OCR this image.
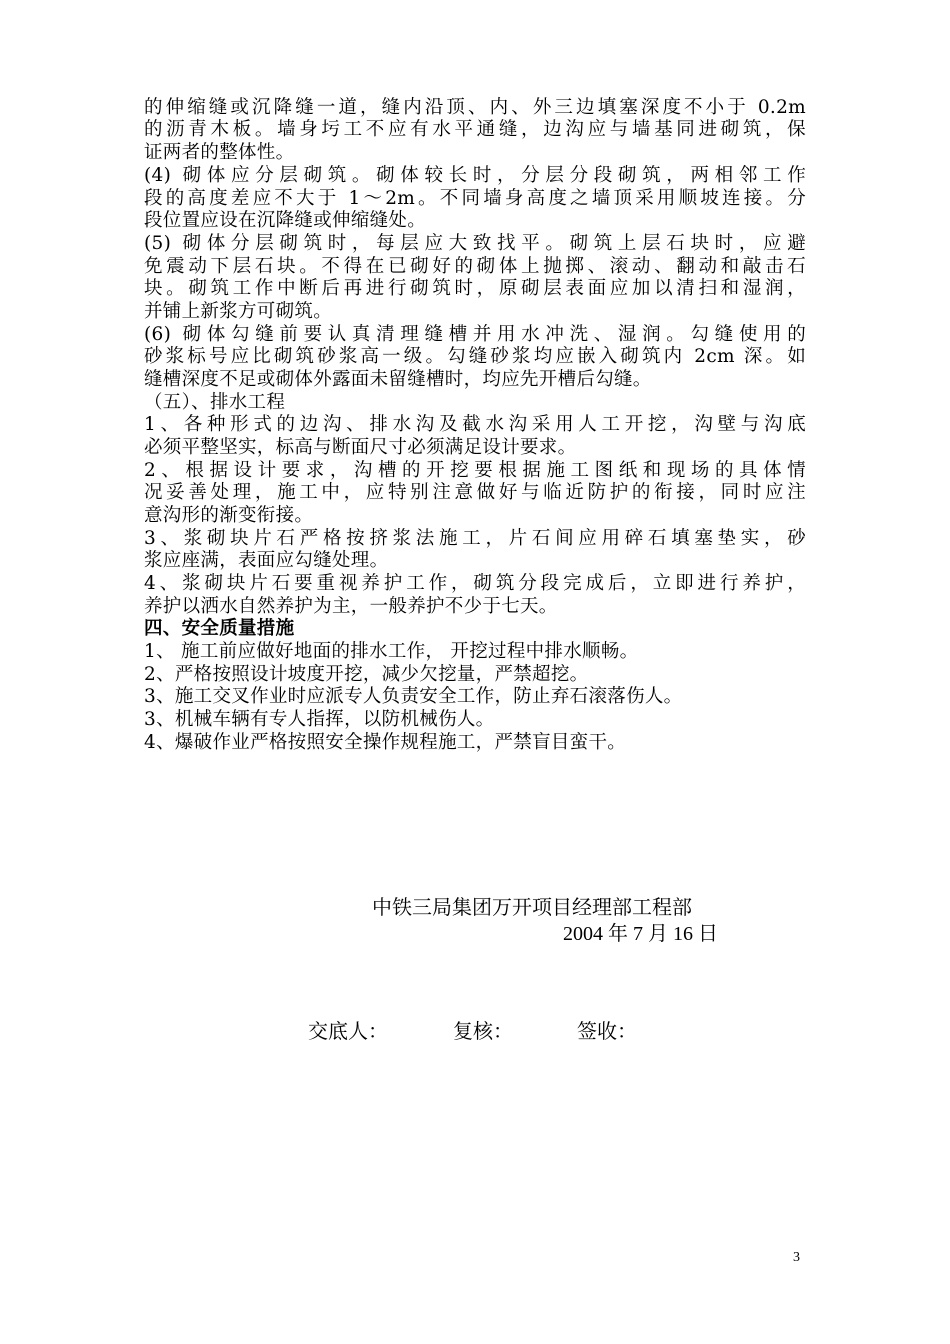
的伸缩缝或沉降缝一道，缝内沿顶、内、外三边填塞深度不小于 0.2m
的沥青木板。墙身圬工不应有水平通缝，边沟应与墙基同进砌筑，保
证两者的整体性。
(4) 砌体应分层砌筑。砌体较长时，分层分段砌筑，两相邻工作
段的高度差应不大于 1～2m。不同墙身高度之墙顶采用顺坡连接。分
段位置应设在沉降缝或伸缩缝处。
(5) 砌体分层砌筑时，每层应大致找平。砌筑上层石块时，应避
免震动下层石块。不得在已砌好的砌体上抛掷、滚动、翻动和敲击石
块。砌筑工作中断后再进行砌筑时，原砌层表面应加以清扫和湿润，
并铺上新浆方可砌筑。
(6) 砌体勾缝前要认真清理缝槽并用水冲洗、湿润。勾缝使用的
砂浆标号应比砌筑砂浆高一级。勾缝砂浆均应嵌入砌筑内 2cm 深。如
缝槽深度不足或砌体外露面未留缝槽时，均应先开槽后勾缝。
（五）、排水工程
1、各种形式的边沟、排水沟及截水沟采用人工开挖，沟壁与沟底
必须平整坚实，标高与断面尺寸必须满足设计要求。
2、根据设计要求，沟槽的开挖要根据施工图纸和现场的具体情
况妥善处理，施工中，应特别注意做好与临近防护的衔接，同时应注
意沟形的渐变衔接。
3、浆砌块片石严格按挤浆法施工，片石间应用碎石填塞垫实，砂
浆应座满，表面应勾缝处理。
4、浆砌块片石要重视养护工作，砌筑分段完成后，立即进行养护，
养护以洒水自然养护为主，一般养护不少于七天。
四、安全质量措施
1、 施工前应做好地面的排水工作， 开挖过程中排水顺畅。
2、严格按照设计坡度开挖，减少欠挖量，严禁超挖。
3、施工交叉作业时应派专人负责安全工作，防止弃石滚落伤人。
3、机械车辆有专人指挥，以防机械伤人。
4、爆破作业严格按照安全操作规程施工，严禁盲目蛮干。
中铁三局集团万开项目经理部工程部
2004 年 7 月 16 日
交底人：	复核：	签收：
3
